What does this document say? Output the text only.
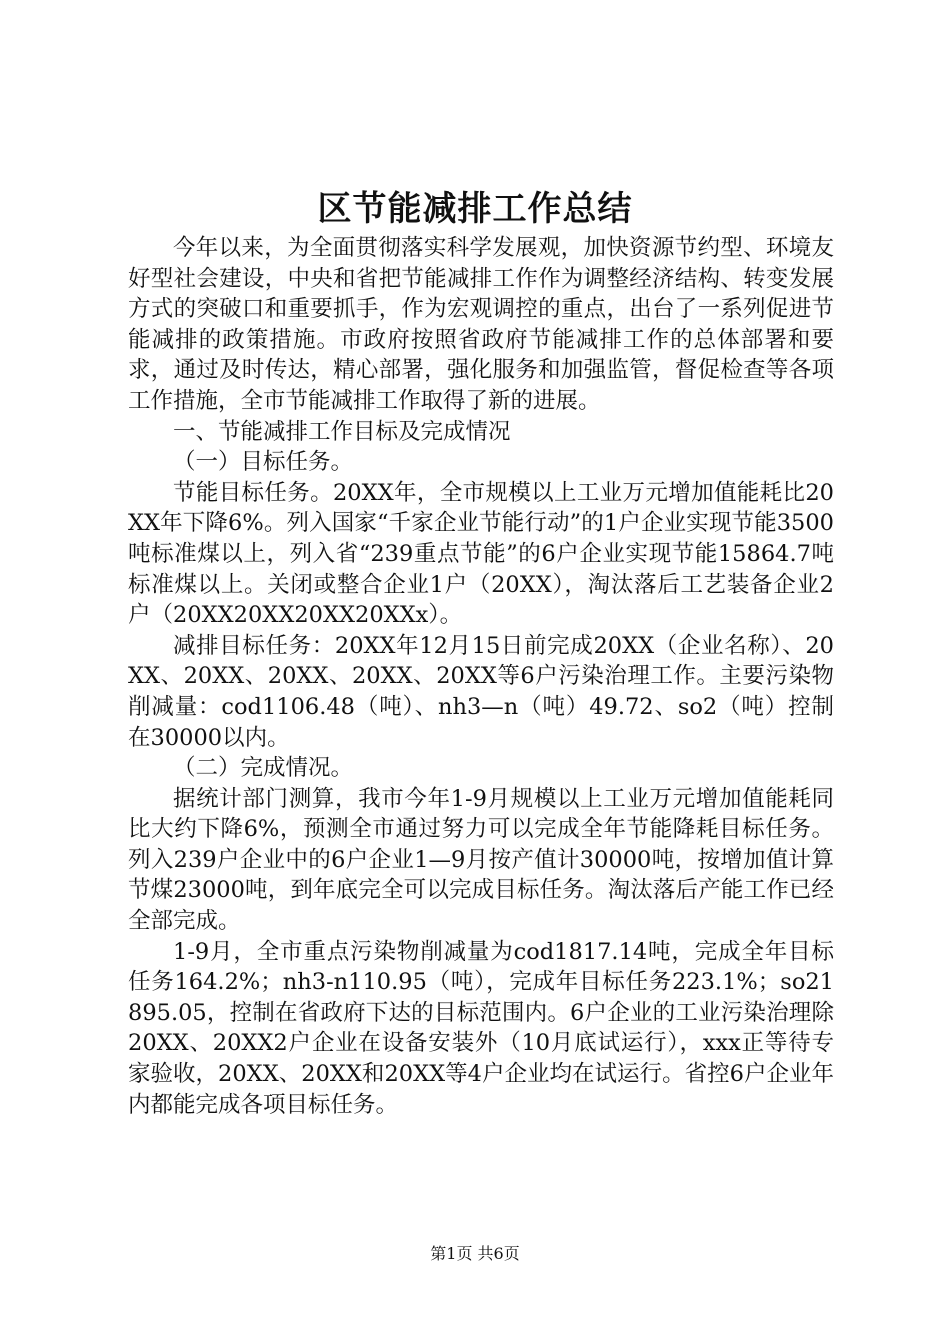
区节能减排工作总结

今年以来，为全面贯彻落实科学发展观，加快资源节约型、环境友好型社会建设，中央和省把节能减排工作作为调整经济结构、转变发展方式的突破口和重要抓手，作为宏观调控的重点，出台了一系列促进节能减排的政策措施。市政府按照省政府节能减排工作的总体部署和要求，通过及时传达，精心部署，强化服务和加强监管，督促检查等各项工作措施，全市节能减排工作取得了新的进展。

一、节能减排工作目标及完成情况

（一）目标任务。

节能目标任务。20XX年，全市规模以上工业万元增加值能耗比20XX年下降6%。列入国家“千家企业节能行动”的1户企业实现节能3500吨标准煤以上，列入省“239重点节能”的6户企业实现节能15864.7吨标准煤以上。关闭或整合企业1户（20XX），淘汰落后工艺装备企业2户（20XX20XX20XX20XXx）。

减排目标任务：20XX年12月15日前完成20XX（企业名称）、20XX、20XX、20XX、20XX、20XX等6户污染治理工作。主要污染物削减量：cod1106.48（吨）、nh3—n（吨）49.72、so2（吨）控制在30000以内。

（二）完成情况。

据统计部门测算，我市今年1-9月规模以上工业万元增加值能耗同比大约下降6%，预测全市通过努力可以完成全年节能降耗目标任务。列入239户企业中的6户企业1—9月按产值计30000吨，按增加值计算节煤23000吨，到年底完全可以完成目标任务。淘汰落后产能工作已经全部完成。

1-9月，全市重点污染物削减量为cod1817.14吨，完成全年目标任务164.2%；nh3-n110.95（吨），完成年目标任务223.1%；so21895.05，控制在省政府下达的目标范围内。6户企业的工业污染治理除20XX、20XX2户企业在设备安装外（10月底试运行），xxx正等待专家验收，20XX、20XX和20XX等4户企业均在试运行。省控6户企业年内都能完成各项目标任务。

第1页 共6页
